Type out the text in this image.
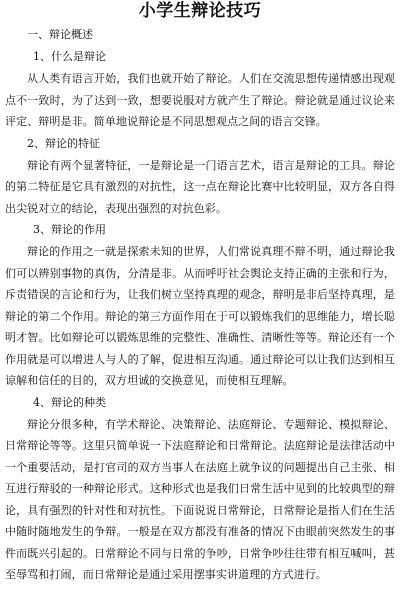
小学生辩论技巧
一、辩论概述
1、什么是辩论

从人类有语言开始，我们也就开始了辩论。人们在交流思想传递情感出现观点不一致时，为了达到一致，想要说服对方就产生了辩论。辩论就是通过议论来评定、辩明是非。简单地说辩论是不同思想观点之间的语言交锋。

2、辩论的特征

辩论有两个显著特征，一是辩论是一门语言艺术，语言是辩论的工具。辩论的第二特征是它具有激烈的对抗性，这一点在辩论比赛中比较明显，双方各自得出尖锐对立的结论，表现出强烈的对抗色彩。

3、辩论的作用

辩论的作用之一就是探索未知的世界，人们常说真理不辩不明，通过辩论我们可以辨别事物的真伪，分清是非。从而呼吁社会舆论支持正确的主张和行为，斥责错误的言论和行为，让我们树立坚持真理的观念，辩明是非后坚持真理，是辩论的第二个作用。辩论的第三方面作用在于可以锻炼我们的思维能力，增长聪明才智。比如辩论可以锻炼思维的完整性、准确性、清晰性等等。辩论还有一个作用就是可以增进人与人的了解，促进相互沟通。通过辩论可以让我们达到相互谅解和信任的目的，双方坦诚的交换意见，而使相互理解。

4、辩论的种类

辩论分很多种，有学术辩论、决策辩论、法庭辩论、专题辩论、模拟辩论、日常辩论等等。这里只简单说一下法庭辩论和日常辩论。法庭辩论是法律活动中一个重要活动，是打官司的双方当事人在法庭上就争议的问题提出自己主张、相互进行辩驳的一种辩论形式。这种形式也是我们日常生活中见到的比较典型的辩论，具有强烈的针对性和对抗性。下面说说日常辩论，日常辩论是指人们在生活中随时随地发生的争辩。一般是在双方都没有准备的情况下由眼前突然发生的事件而既兴引起的。日常辩论不同与日常的争吵，日常争吵往往带有相互喊叫，甚至辱骂和打闹，而日常辩论是通过采用摆事实讲道理的方式进行。
